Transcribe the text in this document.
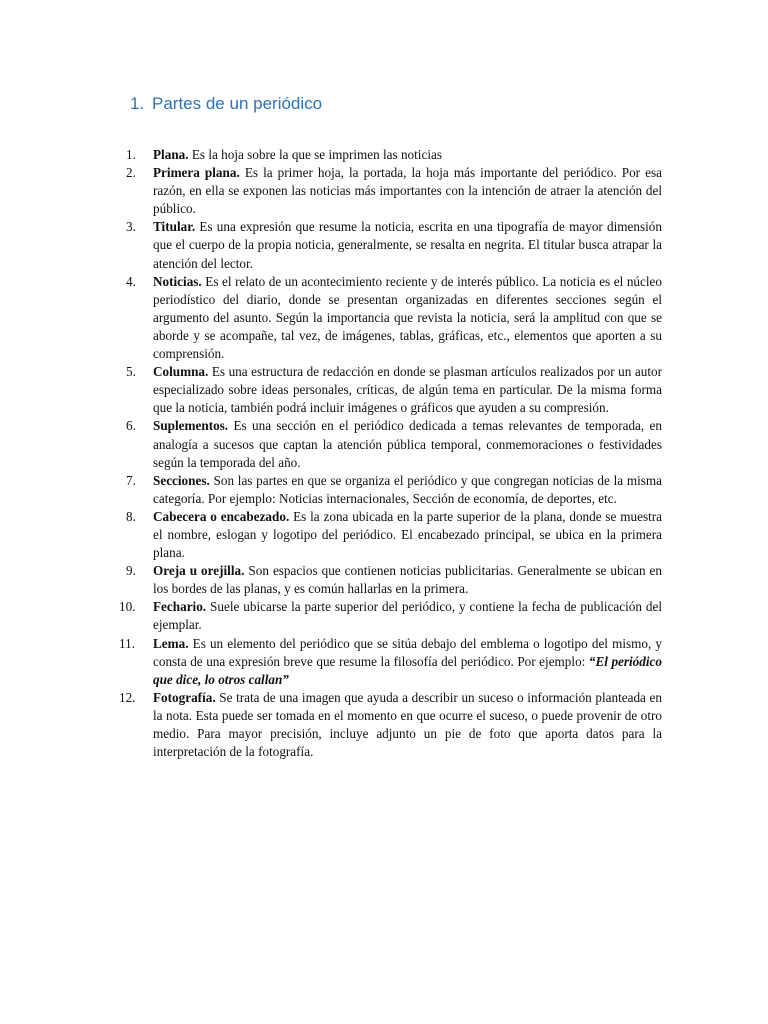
1. Partes de un periódico
1.	Plana. Es la hoja sobre la que se imprimen las noticias
2.	Primera plana. Es la primer hoja, la portada, la hoja más importante del periódico. Por esa razón, en ella se exponen las noticias más importantes con la intención de atraer la atención del público.
3.	Titular. Es una expresión que resume la noticia, escrita en una tipografía de mayor dimensión que el cuerpo de la propia noticia, generalmente, se resalta en negrita. El titular busca atrapar la atención del lector.
4.	Noticias. Es el relato de un acontecimiento reciente y de interés público. La noticia es el núcleo periodístico del diario, donde se presentan organizadas en diferentes secciones según el argumento del asunto. Según la importancia que revista la noticia, será la amplitud con que se aborde y se acompañe, tal vez, de imágenes, tablas, gráficas, etc., elementos que aporten a su comprensión.
5.	Columna. Es una estructura de redacción en donde se plasman artículos realizados por un autor especializado sobre ideas personales, críticas, de algún tema en particular. De la misma forma que la noticia, también podrá incluir imágenes o gráficos que ayuden a su compresión.
6.	Suplementos. Es una sección en el periódico dedicada a temas relevantes de temporada, en analogía a sucesos que captan la atención pública temporal, conmemoraciones o festividades según la temporada del año.
7.	Secciones. Son las partes en que se organiza el periódico y que congregan noticias de la misma categoría. Por ejemplo: Noticias internacionales, Sección de economía, de deportes, etc.
8.	Cabecera o encabezado. Es la zona ubicada en la parte superior de la plana, donde se muestra el nombre, eslogan y logotipo del periódico. El encabezado principal, se ubica en la primera plana.
9.	Oreja u orejilla. Son espacios que contienen noticias publicitarias. Generalmente se ubican en los bordes de las planas, y es común hallarlas en la primera.
10.	Fechario. Suele ubicarse la parte superior del periódico, y contiene la fecha de publicación del ejemplar.
11.	Lema. Es un elemento del periódico que se sitúa debajo del emblema o logotipo del mismo, y consta de una expresión breve que resume la filosofía del periódico. Por ejemplo: “El periódico que dice, lo otros callan”
12.	Fotografía. Se trata de una imagen que ayuda a describir un suceso o información planteada en la nota. Esta puede ser tomada en el momento en que ocurre el suceso, o puede provenir de otro medio. Para mayor precisión, incluye adjunto un pie de foto que aporta datos para la interpretación de la fotografía.
